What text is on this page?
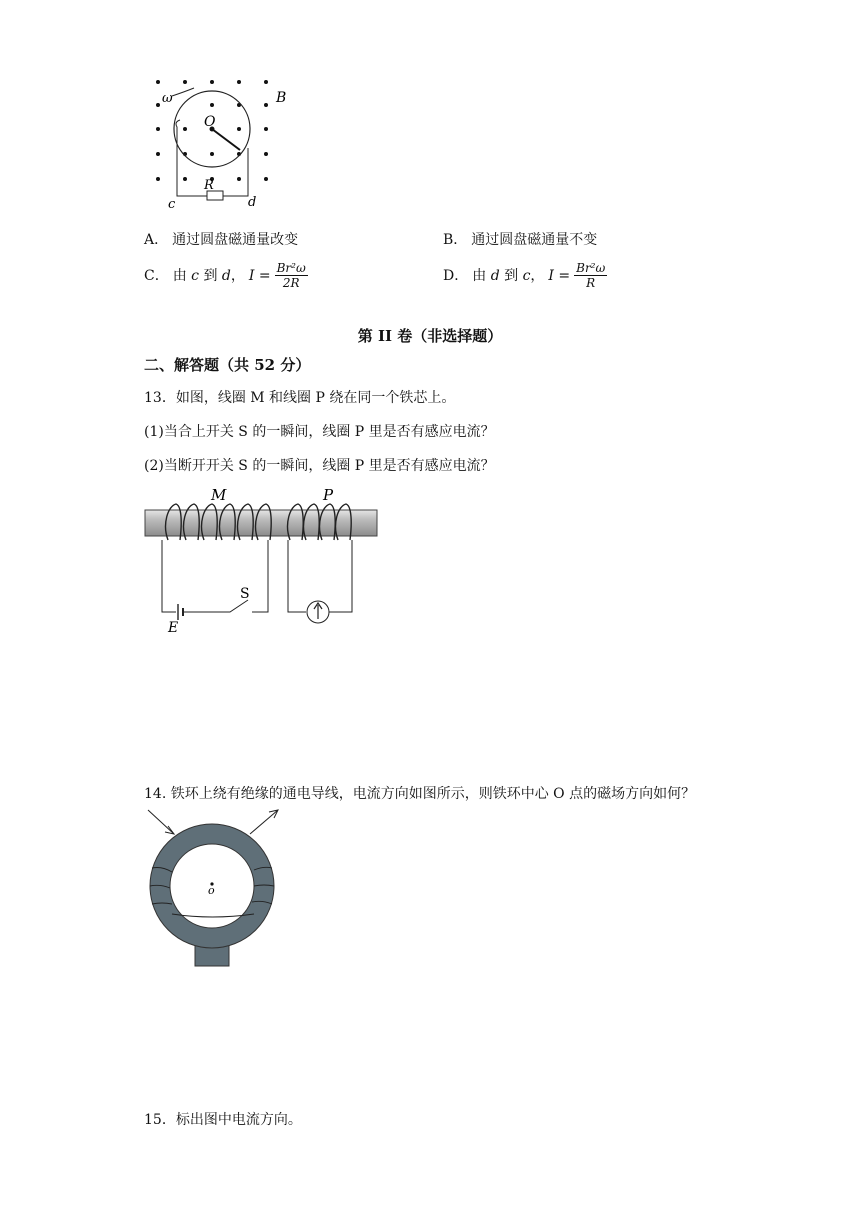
ω	B
O
R
c	d
A． 通过圆盘磁通量改变	B． 通过圆盘磁通量不变
C． 由 c 到 d， $I = \frac{\text{Br²ω}}{2R}$	D． 由 d 到 c， $I = \frac{\text{Br²ω}}{R}$
第 II 卷（非选择题）
二、解答题（共 52 分）
13．如图，线圈 M 和线圈 P 绕在同一个铁芯上。
(1)当合上开关 S 的一瞬间，线圈 P 里是否有感应电流？
(2)当断开开关 S 的一瞬间，线圈 P 里是否有感应电流？
M	P
S
E
14. 铁环上绕有绝缘的通电导线，电流方向如图所示，则铁环中心 O 点的磁场方向如何？
o
15．标出图中电流方向。
